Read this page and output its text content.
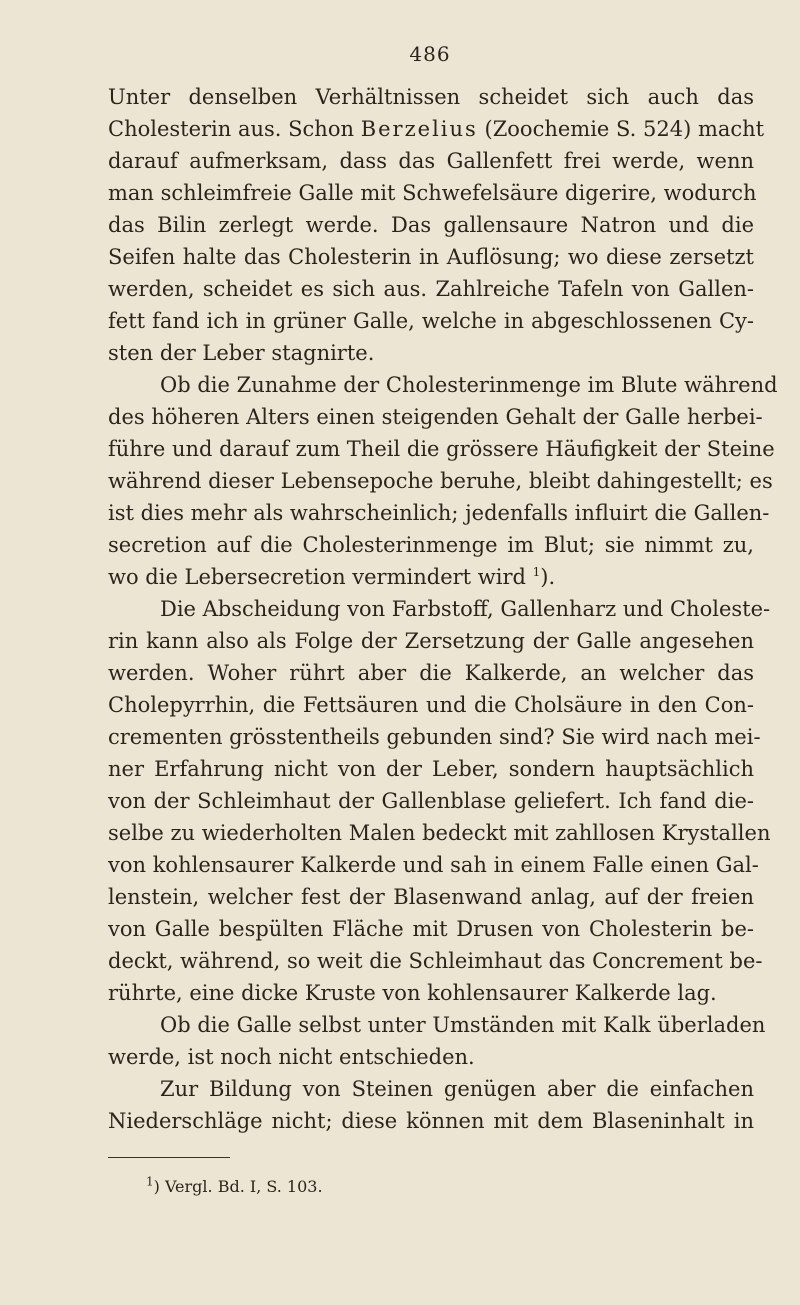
486
Unter denselben Verhältnissen scheidet sich auch das
Cholesterin aus. Schon Berzelius (Zoochemie S. 524) macht
darauf aufmerksam, dass das Gallenfett frei werde, wenn
man schleimfreie Galle mit Schwefelsäure digerire, wodurch
das Bilin zerlegt werde. Das gallensaure Natron und die
Seifen halte das Cholesterin in Auflösung; wo diese zersetzt
werden, scheidet es sich aus. Zahlreiche Tafeln von Gallen-
fett fand ich in grüner Galle, welche in abgeschlossenen Cy-
sten der Leber stagnirte.
Ob die Zunahme der Cholesterinmenge im Blute während
des höheren Alters einen steigenden Gehalt der Galle herbei-
führe und darauf zum Theil die grössere Häufigkeit der Steine
während dieser Lebensepoche beruhe, bleibt dahingestellt; es
ist dies mehr als wahrscheinlich; jedenfalls influirt die Gallen-
secretion auf die Cholesterinmenge im Blut; sie nimmt zu,
wo die Lebersecretion vermindert wird $^1$).
Die Abscheidung von Farbstoff, Gallenharz und Choleste-
rin kann also als Folge der Zersetzung der Galle angesehen
werden. Woher rührt aber die Kalkerde, an welcher das
Cholepyrrhin, die Fettsäuren und die Cholsäure in den Con-
crementen grösstentheils gebunden sind? Sie wird nach mei-
ner Erfahrung nicht von der Leber, sondern hauptsächlich
von der Schleimhaut der Gallenblase geliefert. Ich fand die-
selbe zu wiederholten Malen bedeckt mit zahllosen Krystallen
von kohlensaurer Kalkerde und sah in einem Falle einen Gal-
lenstein, welcher fest der Blasenwand anlag, auf der freien
von Galle bespülten Fläche mit Drusen von Cholesterin be-
deckt, während, so weit die Schleimhaut das Concrement be-
rührte, eine dicke Kruste von kohlensaurer Kalkerde lag.
Ob die Galle selbst unter Umständen mit Kalk überladen
werde, ist noch nicht entschieden.
Zur Bildung von Steinen genügen aber die einfachen
Niederschläge nicht; diese können mit dem Blaseninhalt in
$^1$) Vergl. Bd. I, S. 103.
